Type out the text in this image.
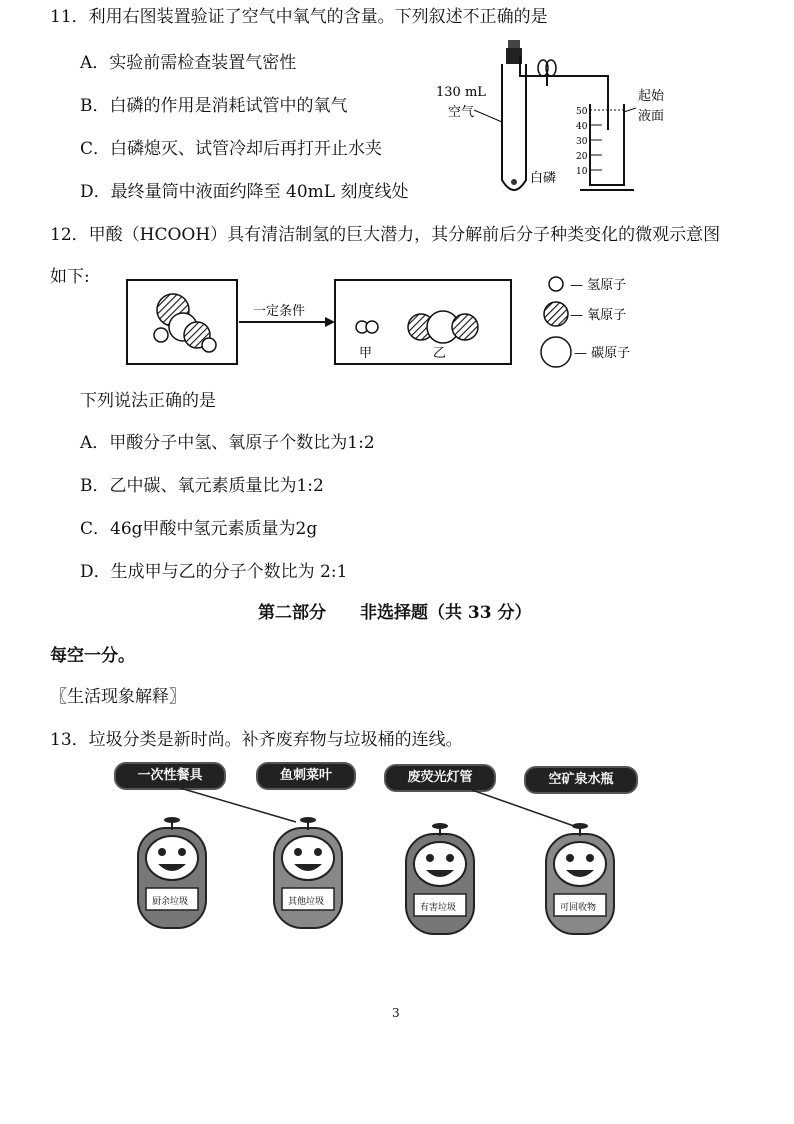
11．利用右图装置验证了空气中氧气的含量。下列叙述不正确的是
A．实验前需检查装置气密性
B．白磷的作用是消耗试管中的氧气
C．白磷熄灭、试管冷却后再打开止水夹
D．最终量筒中液面约降至 40mL 刻度线处
50
40
30
20
10
130 mL
空气
白磷
起始
液面
12．甲酸（HCOOH）具有清洁制氢的巨大潜力，其分解前后分子种类变化的微观示意图
如下:
一定条件
甲	乙
— 氢原子
— 氧原子
— 碳原子
下列说法正确的是
A．甲酸分子中氢、氧原子个数比为1:2
B．乙中碳、氧元素质量比为1:2
C．46g甲酸中氢元素质量为2g
D．生成甲与乙的分子个数比为 2:1
第二部分　　非选择题（共 33 分）
每空一分。
〖生活现象解释〗
13．垃圾分类是新时尚。补齐废弃物与垃圾桶的连线。
一次性餐具	鱼刺菜叶	废荧光灯管	空矿泉水瓶
厨余垃圾	其他垃圾
有害垃圾	可回收物
3
